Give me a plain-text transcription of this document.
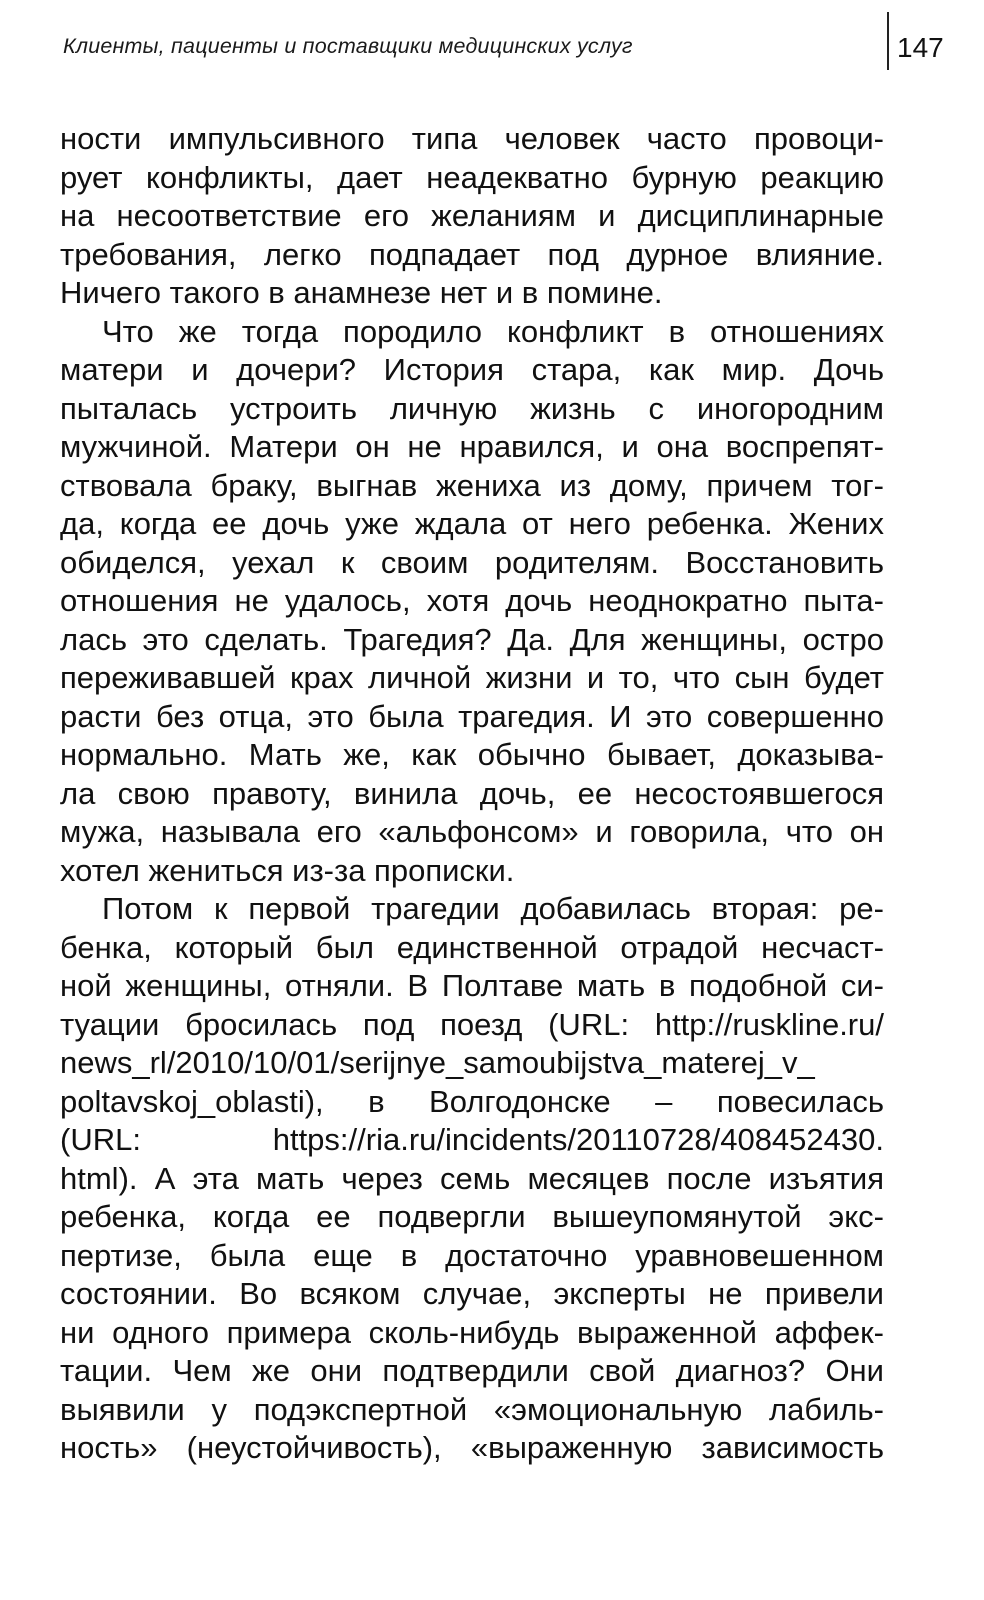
Клиенты, пациенты и поставщики медицинских услуг	147
ности импульсивного типа человек часто провоци-
рует конфликты, дает неадекватно бурную реакцию
на несоответствие его желаниям и дисциплинарные
требования, легко подпадает под дурное влияние.
Ничего такого в анамнезе нет и в помине.
Что же тогда породило конфликт в отношениях
матери и дочери? История стара, как мир. Дочь
пыталась устроить личную жизнь с иногородним
мужчиной. Матери он не нравился, и она воспрепят-
ствовала браку, выгнав жениха из дому, причем тог-
да, когда ее дочь уже ждала от него ребенка. Жених
обиделся, уехал к своим родителям. Восстановить
отношения не удалось, хотя дочь неоднократно пыта-
лась это сделать. Трагедия? Да. Для женщины, остро
переживавшей крах личной жизни и то, что сын будет
расти без отца, это была трагедия. И это совершенно
нормально. Мать же, как обычно бывает, доказыва-
ла свою правоту, винила дочь, ее несостоявшегося
мужа, называла его «альфонсом» и говорила, что он
хотел жениться из-за прописки.
Потом к первой трагедии добавилась вторая: ре-
бенка, который был единственной отрадой несчаст-
ной женщины, отняли. В Полтаве мать в подобной си-
туации бросилась под поезд (URL: http://ruskline.ru/
news_rl/2010/10/01/serijnye_samoubijstva_materej_v_
poltavskoj_oblasti), в Волгодонске – повесилась
(URL: https://ria.ru/incidents/20110728/408452430.
html). А эта мать через семь месяцев после изъятия
ребенка, когда ее подвергли вышеупомянутой экс-
пертизе, была еще в достаточно уравновешенном
состоянии. Во всяком случае, эксперты не привели
ни одного примера сколь-нибудь выраженной аффек-
тации. Чем же они подтвердили свой диагноз? Они
выявили у подэкспертной «эмоциональную лабиль-
ность» (неустойчивость), «выраженную зависимость
